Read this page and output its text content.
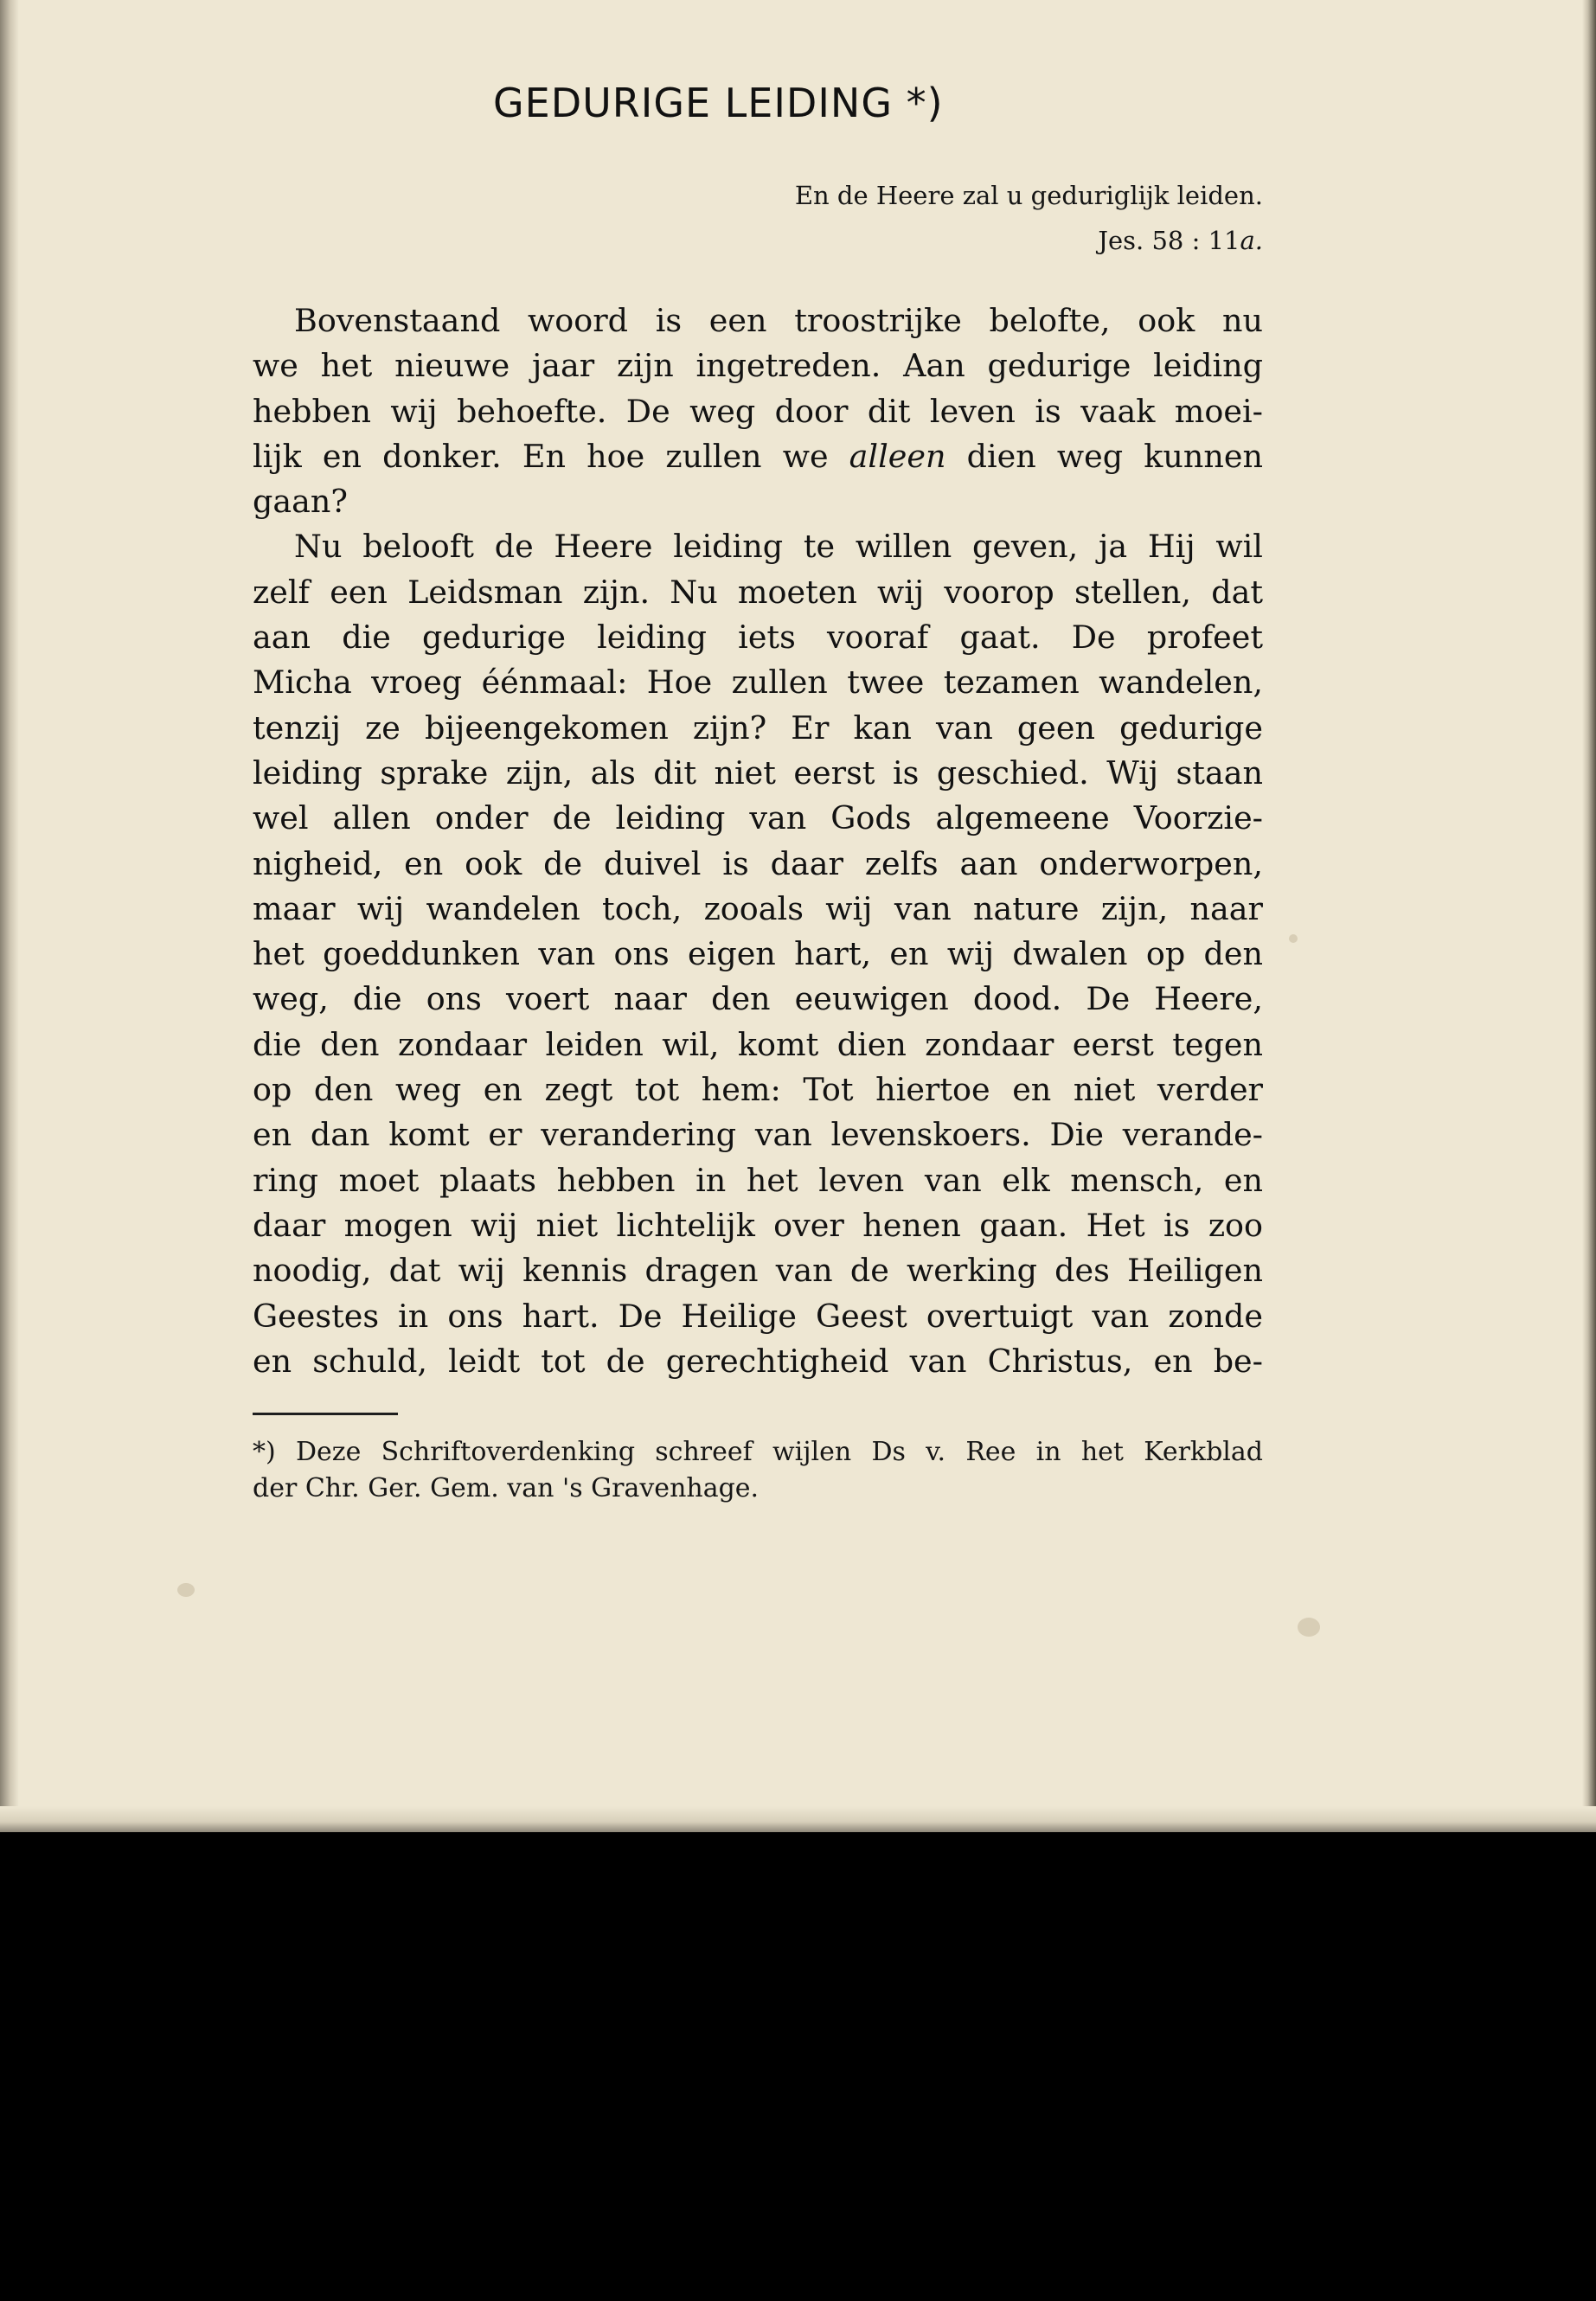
GEDURIGE LEIDING *)
En de Heere zal u geduriglijk leiden.
Jes. 58 : 11a.
Bovenstaand woord is een troostrijke belofte, ook nu
we het nieuwe jaar zijn ingetreden. Aan gedurige leiding
hebben wij behoefte. De weg door dit leven is vaak moei-
lijk en donker. En hoe zullen we alleen dien weg kunnen
gaan?
Nu belooft de Heere leiding te willen geven, ja Hij wil
zelf een Leidsman zijn. Nu moeten wij voorop stellen, dat
aan die gedurige leiding iets vooraf gaat. De profeet
Micha vroeg éénmaal: Hoe zullen twee tezamen wandelen,
tenzij ze bijeengekomen zijn? Er kan van geen gedurige
leiding sprake zijn, als dit niet eerst is geschied. Wij staan
wel allen onder de leiding van Gods algemeene Voorzie-
nigheid, en ook de duivel is daar zelfs aan onderworpen,
maar wij wandelen toch, zooals wij van nature zijn, naar
het goeddunken van ons eigen hart, en wij dwalen op den
weg, die ons voert naar den eeuwigen dood. De Heere,
die den zondaar leiden wil, komt dien zondaar eerst tegen
op den weg en zegt tot hem: Tot hiertoe en niet verder
en dan komt er verandering van levenskoers. Die verande-
ring moet plaats hebben in het leven van elk mensch, en
daar mogen wij niet lichtelijk over henen gaan. Het is zoo
noodig, dat wij kennis dragen van de werking des Heiligen
Geestes in ons hart. De Heilige Geest overtuigt van zonde
en schuld, leidt tot de gerechtigheid van Christus, en be-
*) Deze Schriftoverdenking schreef wijlen Ds v. Ree in het Kerkblad
der Chr. Ger. Gem. van 's Gravenhage.
